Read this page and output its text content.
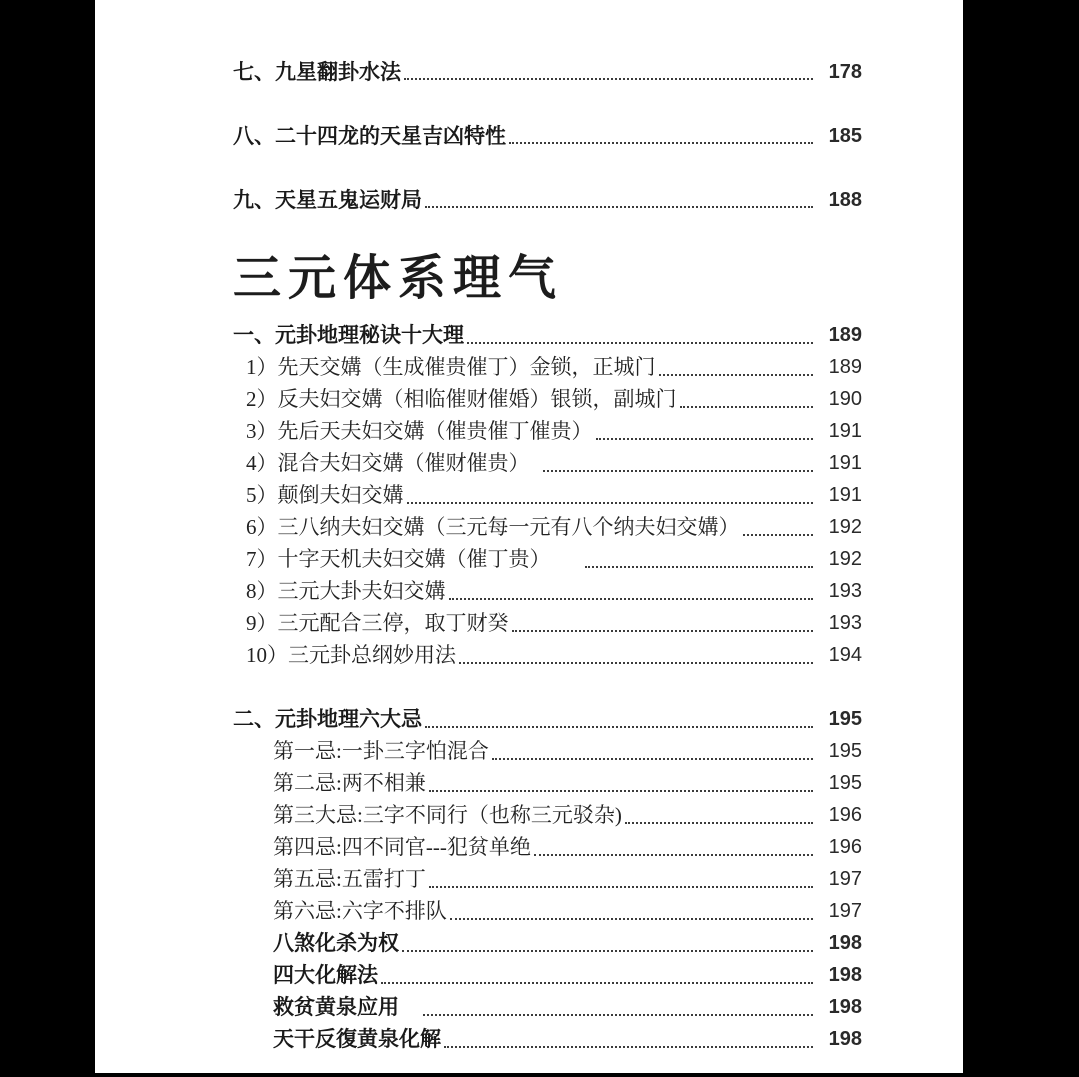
七、九星翻卦水法	178
八、二十四龙的天星吉凶特性	185
九、天星五鬼运财局	188
三元体系理气
一、元卦地理秘诀十大理	189
1）先天交媾（生成催贵催丁）金锁，正城门	189
2）反夫妇交媾（相临催财催婚）银锁，副城门	190
3）先后天夫妇交媾（催贵催丁催贵）	191
4）混合夫妇交媾（催财催贵）　	191
5）颠倒夫妇交媾	191
6）三八纳夫妇交媾（三元每一元有八个纳夫妇交媾）	192
7）十字天机夫妇交媾（催丁贵）　　	192
8）三元大卦夫妇交媾	193
9）三元配合三停，取丁财癸	193
10）三元卦总纲妙用法	194
二、元卦地理六大忌	195
第一忌:一卦三字怕混合	195
第二忌:两不相兼	195
第三大忌:三字不同行（也称三元驳杂)	196
第四忌:四不同官---犯贫单绝	196
第五忌:五雷打丁	197
第六忌:六字不排队	197
八煞化杀为权	198
四大化解法	198
救贫黄泉应用　	198
天干反復黄泉化解	198
